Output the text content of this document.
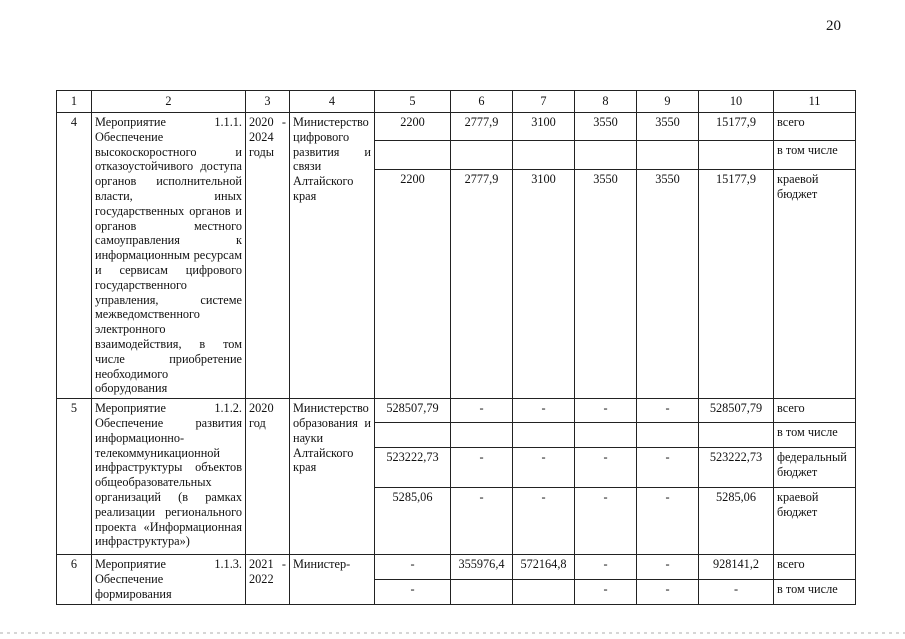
20
1	2	3	4	5	6	7	8	9	10	11
4	Мероприятие 1.1.1. Обеспечение высокоскоростного и отказоустойчивого доступа органов исполнительной власти, иных государственных органов и органов местного самоуправления к информационным ресурсам и сервисам цифрового государственного управления, системе межведомственного электронного взаимодействия, в том числе приобретение необходимого оборудования	2020 - 2024 годы	Министерство цифрового развития и связи Алтайского края	2200	2777,9	3100	3550	3550	15177,9	всего
										в том числе
				2200	2777,9	3100	3550	3550	15177,9	краевой бюджет
5	Мероприятие 1.1.2. Обеспечение развития информационно-телекоммуникационной инфраструктуры объектов общеобразовательных организаций (в рамках реализации регионального проекта «Информационная инфраструктура»)	2020 год	Министерство образования и науки Алтайского края	528507,79	-	-	-	-	528507,79	всего
										в том числе
				523222,73	-	-	-	-	523222,73	федеральный бюджет
				5285,06	-	-	-	-	5285,06	краевой бюджет
6	Мероприятие 1.1.3. Обеспечение формирования	2021 - 2022	Министер-	-	355976,4	572164,8	-	-	928141,2	всего
				-			-	-	-	в том числе
